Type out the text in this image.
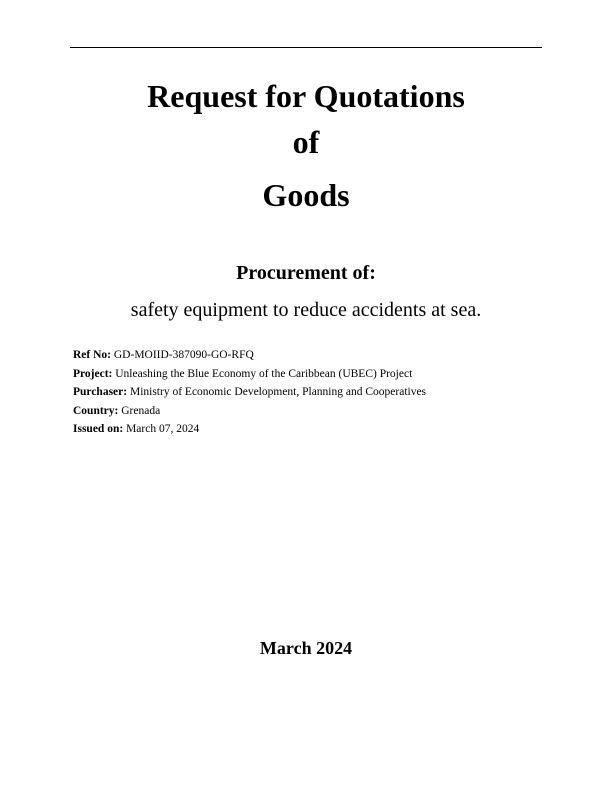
Request for Quotations
of
Goods
Procurement of:
safety equipment to reduce accidents at sea.
Ref No: GD-MOIID-387090-GO-RFQ
Project: Unleashing the Blue Economy of the Caribbean (UBEC) Project
Purchaser: Ministry of Economic Development, Planning and Cooperatives
Country: Grenada
Issued on: March 07, 2024
March 2024
